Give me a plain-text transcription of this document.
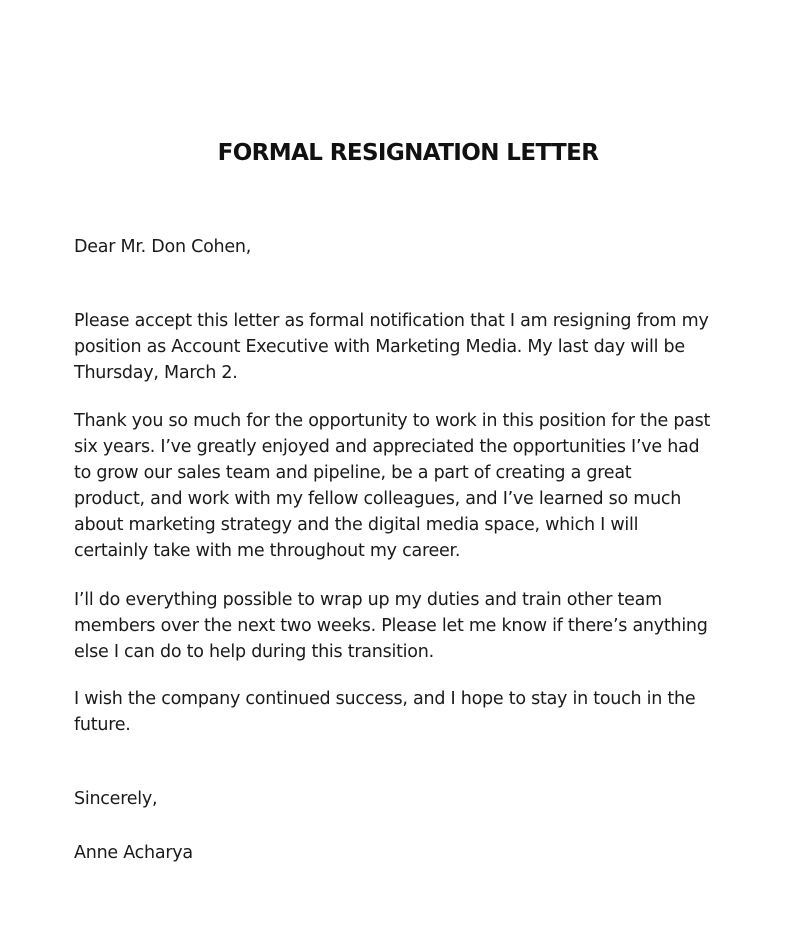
FORMAL RESIGNATION LETTER

Dear Mr. Don Cohen,

Please accept this letter as formal notification that I am resigning from my
position as Account Executive with Marketing Media. My last day will be
Thursday, March 2.

Thank you so much for the opportunity to work in this position for the past
six years. I’ve greatly enjoyed and appreciated the opportunities I’ve had
to grow our sales team and pipeline, be a part of creating a great
product, and work with my fellow colleagues, and I’ve learned so much
about marketing strategy and the digital media space, which I will
certainly take with me throughout my career.

I’ll do everything possible to wrap up my duties and train other team
members over the next two weeks. Please let me know if there’s anything
else I can do to help during this transition.

I wish the company continued success, and I hope to stay in touch in the
future.

Sincerely,

Anne Acharya
